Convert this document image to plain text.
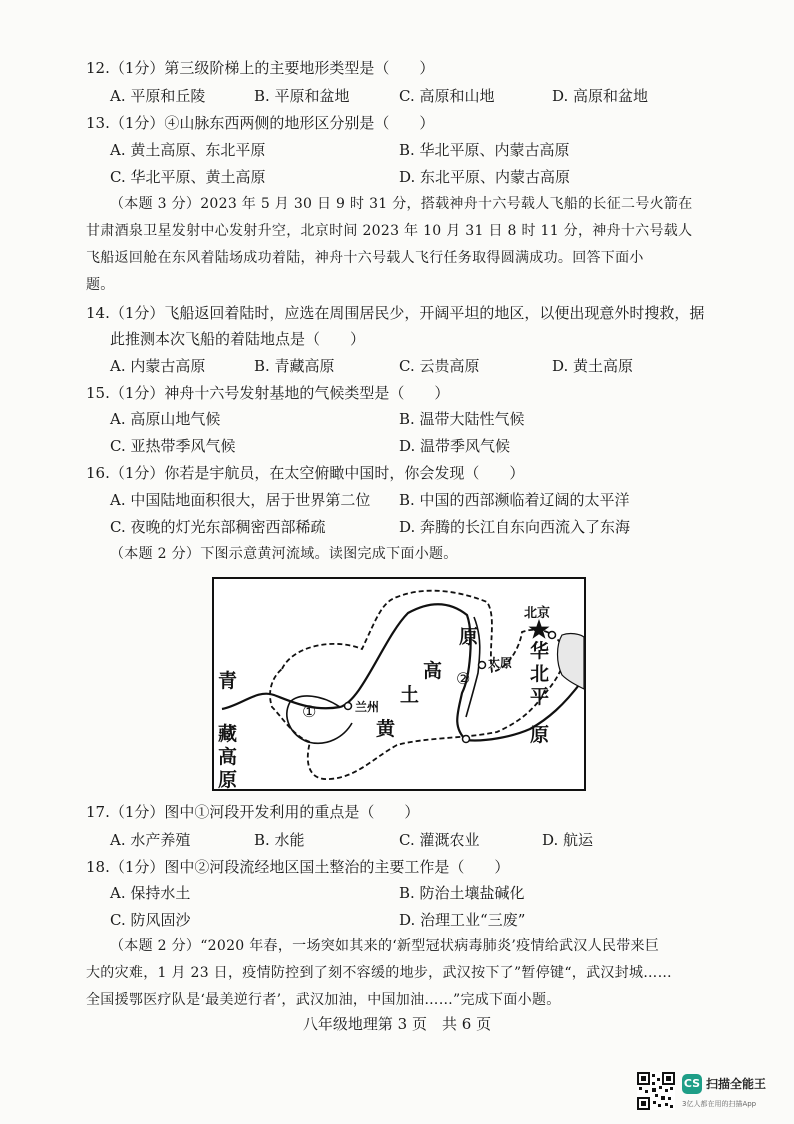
12.（1分）第三级阶梯上的主要地形类型是（　　）
A. 平原和丘陵	B. 平原和盆地	C. 高原和山地	D. 高原和盆地
13.（1分）④山脉东西两侧的地形区分别是（　　）
A. 黄土高原、东北平原	B. 华北平原、内蒙古高原
C. 华北平原、黄土高原	D. 东北平原、内蒙古高原
（本题 3 分）2023 年 5 月 30 日 9 时 31 分，搭载神舟十六号载人飞船的长征二号火箭在
甘肃酒泉卫星发射中心发射升空，北京时间 2023 年 10 月 31 日 8 时 11 分，神舟十六号载人
飞船返回舱在东风着陆场成功着陆，神舟十六号载人飞行任务取得圆满成功。回答下面小
题。
14.（1分）飞船返回着陆时，应选在周围居民少，开阔平坦的地区，以便出现意外时搜救，据
此推测本次飞船的着陆地点是（　　）
A. 内蒙古高原	B. 青藏高原	C. 云贵高原	D. 黄土高原
15.（1分）神舟十六号发射基地的气候类型是（　　）
A. 高原山地气候	B. 温带大陆性气候
C. 亚热带季风气候	D. 温带季风气候
16.（1分）你若是宇航员，在太空俯瞰中国时，你会发现（　　）
A. 中国陆地面积很大，居于世界第二位 B. 中国的西部濒临着辽阔的太平洋
C. 夜晚的灯光东部稠密西部稀疏	D. 奔腾的长江自东向西流入了东海
（本题 2 分）下图示意黄河流域。读图完成下面小题。
青
藏
高
原
①	兰州
黄
土
高
原
②
太原
北京
华
北
平
原
17.（1分）图中①河段开发利用的重点是（　　）
A. 水产养殖	B. 水能	C. 灌溉农业	D. 航运
18.（1分）图中②河段流经地区国土整治的主要工作是（　　）
A. 保持水土	B. 防治土壤盐碱化
C. 防风固沙	D. 治理工业“三废”
（本题 2 分）“2020 年春，一场突如其来的‘新型冠状病毒肺炎’疫情给武汉人民带来巨
大的灾难，1 月 23 日，疫情防控到了刻不容缓的地步，武汉按下了”暂停键“，武汉封城……
全国援鄂医疗队是‘最美逆行者’，武汉加油，中国加油……”完成下面小题。
八年级地理第 3 页　共 6 页
CS 扫描全能王
3亿人都在用的扫描App
